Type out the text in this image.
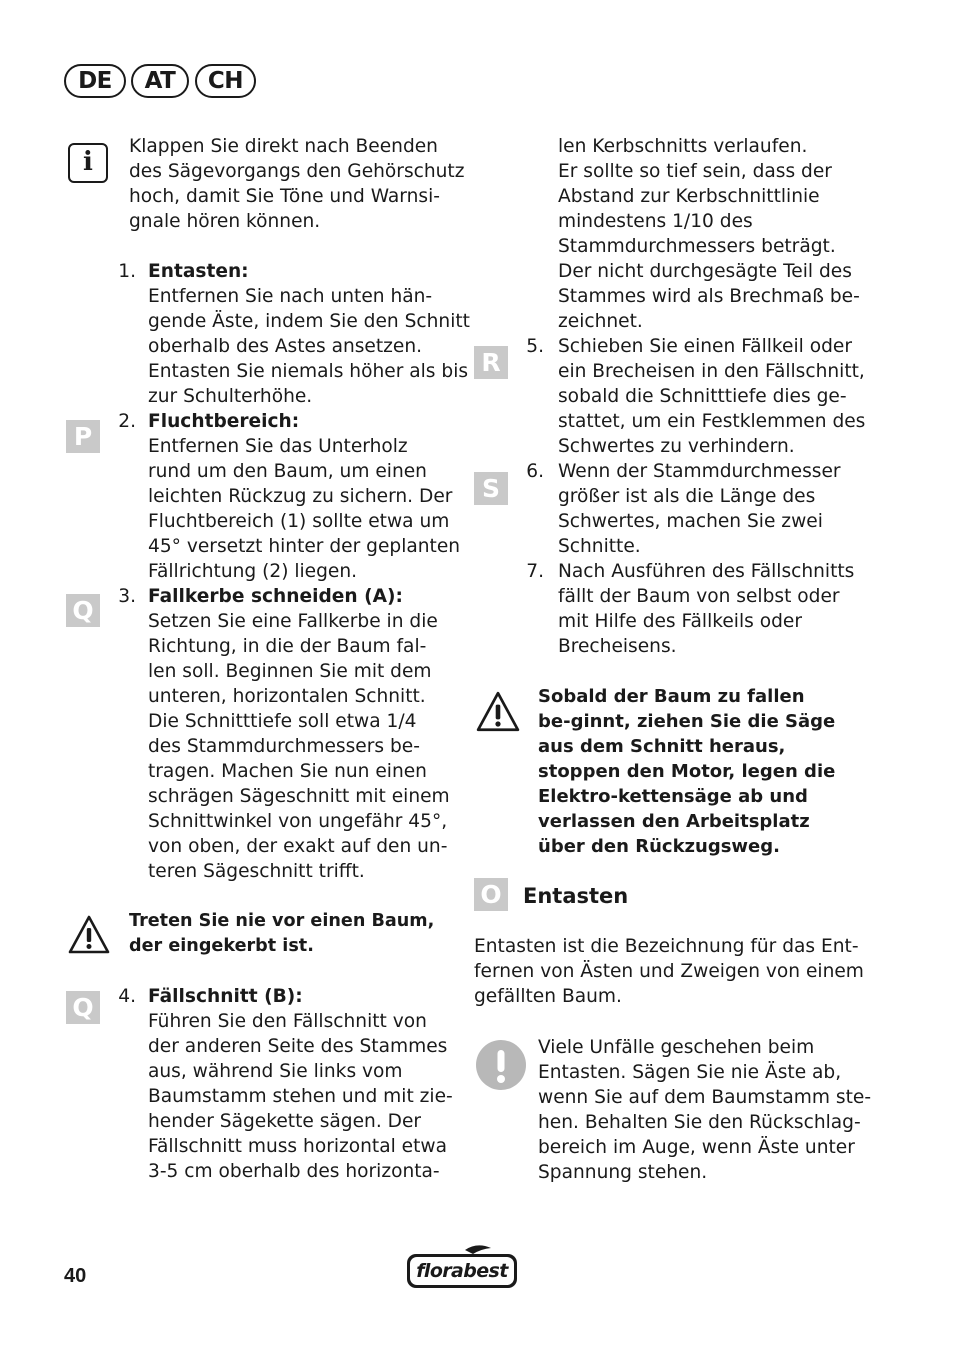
DE	AT	CH
i
Klappen Sie direkt nach Beenden
des Sägevorgangs den Gehörschutz
hoch, damit Sie Töne und Warnsi-
gnale hören können.
1. Entasten:
Entfernen Sie nach unten hän-
gende Äste, indem Sie den Schnitt
oberhalb des Astes ansetzen.
Entasten Sie niemals höher als bis
zur Schulterhöhe.
P
2. Fluchtbereich:
Entfernen Sie das Unterholz
rund um den Baum, um einen
leichten Rückzug zu sichern. Der
Fluchtbereich (1) sollte etwa um
45° versetzt hinter der geplanten
Fällrichtung (2) liegen.
Q	3. Fallkerbe schneiden (A):
Setzen Sie eine Fallkerbe in die
Richtung, in die der Baum fal-
len soll. Beginnen Sie mit dem
unteren, horizontalen Schnitt.
Die Schnitttiefe soll etwa 1/4
des Stammdurchmessers be-
tragen. Machen Sie nun einen
schrägen Sägeschnitt mit einem
Schnittwinkel von ungefähr 45°,
von oben, der exakt auf den un-
teren Sägeschnitt trifft.
Treten Sie nie vor einen Baum,
der eingekerbt ist.
Q	4. Fällschnitt (B):
Führen Sie den Fällschnitt von
der anderen Seite des Stammes
aus, während Sie links vom
Baumstamm stehen und mit zie-
hender Sägekette sägen. Der
Fällschnitt muss horizontal etwa
3-5 cm oberhalb des horizonta-
len Kerbschnitts verlaufen.
Er sollte so tief sein, dass der
Abstand zur Kerbschnittlinie
mindestens 1/10 des
Stammdurchmessers beträgt.
Der nicht durchgesägte Teil des
Stammes wird als Brechmaß be-
zeichnet.
R
5. Schieben Sie einen Fällkeil oder
ein Brecheisen in den Fällschnitt,
sobald die Schnitttiefe dies ge-
stattet, um ein Festklemmen des
Schwertes zu verhindern.
S
6. Wenn der Stammdurchmesser
größer ist als die Länge des
Schwertes, machen Sie zwei
Schnitte.
7. Nach Ausführen des Fällschnitts
fällt der Baum von selbst oder
mit Hilfe des Fällkeils oder
Brecheisens.
Sobald der Baum zu fallen
be-ginnt, ziehen Sie die Säge
aus dem Schnitt heraus,
stoppen den Motor, legen die
Elektro-kettensäge ab und
verlassen den Arbeitsplatz
über den Rückzugsweg.
O	Entasten
Entasten ist die Bezeichnung für das Ent-
fernen von Ästen und Zweigen von einem
gefällten Baum.
Viele Unfälle geschehen beim
Entasten. Sägen Sie nie Äste ab,
wenn Sie auf dem Baumstamm ste-
hen. Behalten Sie den Rückschlag-
bereich im Auge, wenn Äste unter
Spannung stehen.
40	florabest
